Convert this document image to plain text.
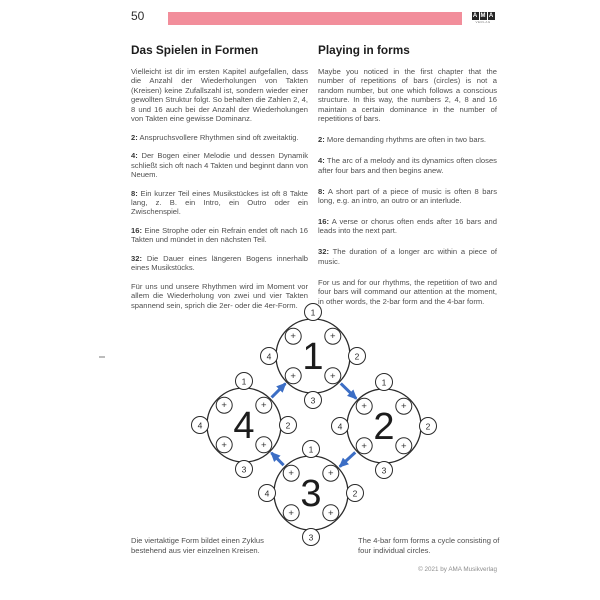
50	A M A
VERLAG
Das Spielen in Formen

Vielleicht ist dir im ersten Kapitel aufgefallen, dass die Anzahl der Wiederholungen von Takten (Kreisen) keine Zufallszahl ist, sondern wieder einer gewollten Struktur folgt. So behalten die Zahlen 2, 4, 8 und 16 auch bei der Anzahl der Wiederholungen von Takten eine gewisse Dominanz.

2: Anspruchsvollere Rhythmen sind oft zweitaktig.

4: Der Bogen einer Melodie und dessen Dynamik schließt sich oft nach 4 Takten und beginnt dann von Neuem.

8: Ein kurzer Teil eines Musikstückes ist oft 8 Takte lang, z. B. ein Intro, ein Outro oder ein Zwischenspiel.

16: Eine Strophe oder ein Refrain endet oft nach 16 Takten und mündet in den nächsten Teil.

32: Die Dauer eines längeren Bogens innerhalb eines Musikstücks.

Für uns und unsere Rhythmen wird im Moment vor allem die Wiederholung von zwei und vier Takten spannend sein, sprich die 2er- oder die 4er-Form.

Playing in forms

Maybe you noticed in the first chapter that the number of repetitions of bars (circles) is not a random number, but one which follows a conscious structure. In this way, the numbers 2, 4, 8 and 16 maintain a certain dominance in the number of repetitions of bars.

2: More demanding rhythms are often in two bars.

4: The arc of a melody and its dynamics often closes after four bars and then begins anew.

8: A short part of a piece of music is often 8 bars long, e.g. an intro, an outro or an interlude.

16: A verse or chorus often ends after 16 bars and leads into the next part.

32: The duration of a longer arc within a piece of music.

For us and for our rhythms, the repetition of two and four bars will command our attention at the moment, in other words, the 2-bar form and the 4-bar form.

1
1
+
2
+
3
+
4
+
2
1
+
2
+
3
+
4
+
3
1
+
2
+
3
+
4
+
4
1
+
2
+
3
+
4
+
Die viertaktige Form bildet einen Zyklus bestehend aus vier einzelnen Kreisen.
The 4-bar form forms a cycle consisting of four individual circles.
© 2021 by AMA Musikverlag
